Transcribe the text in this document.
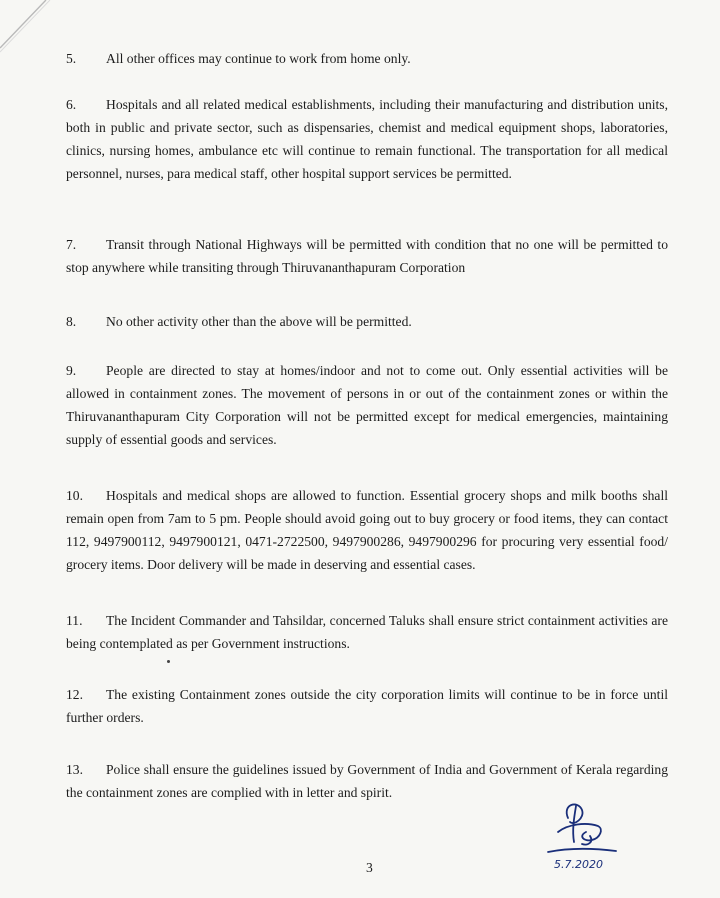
5. All other offices may continue to work from home only.

6. Hospitals and all related medical establishments, including their manufacturing and distribution units, both in public and private sector, such as dispensaries, chemist and medical equipment shops, laboratories, clinics, nursing homes, ambulance etc will continue to remain functional. The transportation for all medical personnel, nurses, para medical staff, other hospital support services be permitted.

7. Transit through National Highways will be permitted with condition that no one will be permitted to stop anywhere while transiting through Thiruvananthapuram Corporation

8. No other activity other than the above will be permitted.

9. People are directed to stay at homes/indoor and not to come out. Only essential activities will be allowed in containment zones. The movement of persons in or out of the containment zones or within the Thiruvananthapuram City Corporation will not be permitted except for medical emergencies, maintaining supply of essential goods and services.

10. Hospitals and medical shops are allowed to function. Essential grocery shops and milk booths shall remain open from 7am to 5 pm. People should avoid going out to buy grocery or food items, they can contact 112, 9497900112, 9497900121, 0471-2722500, 9497900286, 9497900296 for procuring very essential food/ grocery items. Door delivery will be made in deserving and essential cases.

11. The Incident Commander and Tahsildar, concerned Taluks shall ensure strict containment activities are being contemplated as per Government instructions.

12. The existing Containment zones outside the city corporation limits will continue to be in force until further orders.

13. Police shall ensure the guidelines issued by Government of India and Government of Kerala regarding the containment zones are complied with in letter and spirit.

3	5.7.2020
